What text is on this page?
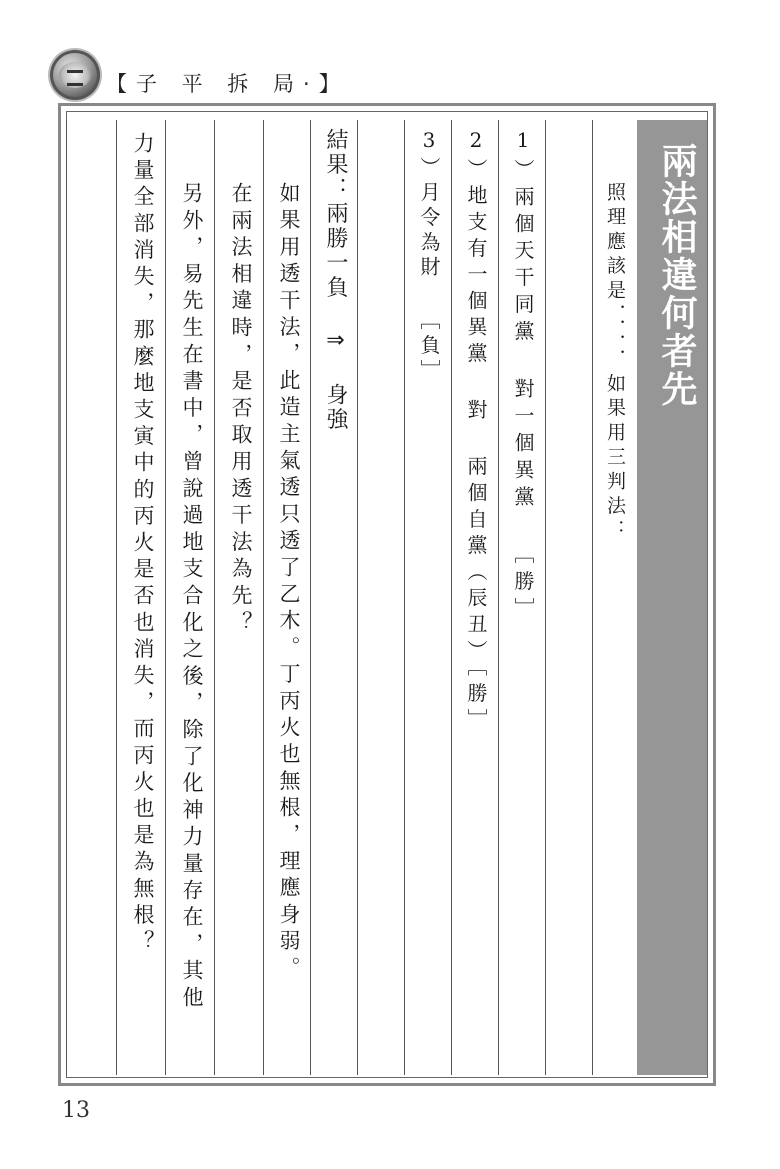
【子 平 拆 局·】
兩法相違何者先
照理應該是．．．．如果用三判法：
1）兩個天干同黨 對一個異黨 ［勝］
2）地支有一個異黨 對 兩個自黨（辰丑）［勝］
3）月令為財 ［負］
結果：兩勝一負 ⇒ 身強
如果用透干法，此造主氣透只透了乙木。丁丙火也無根，理應身弱。
在兩法相違時，是否取用透干法為先？
另外，易先生在書中，曾說過地支合化之後，除了化神力量存在，其他
力量全部消失，那麼地支寅中的丙火是否也消失，而丙火也是為無根？
13
